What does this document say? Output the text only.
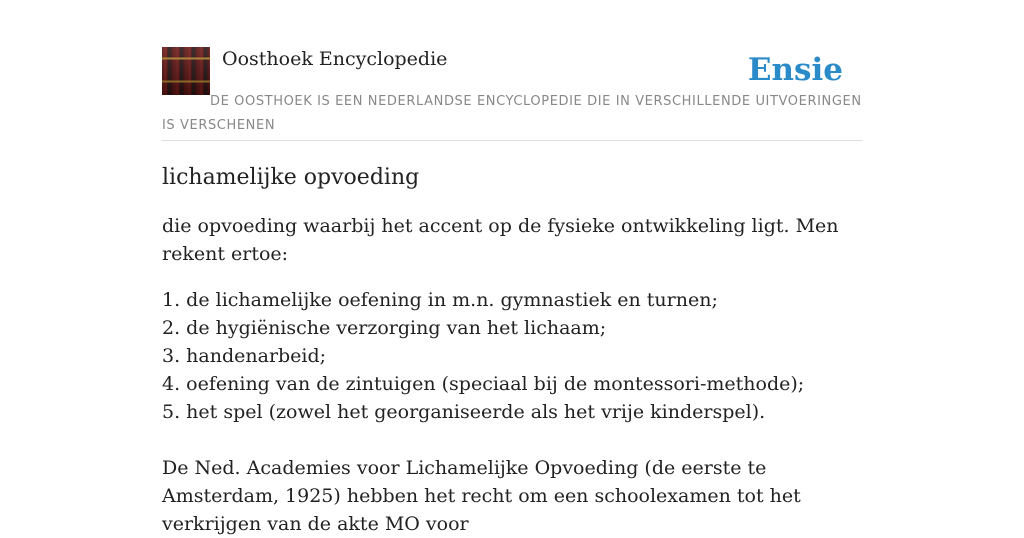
Oosthoek Encyclopedie	Ensie
DE OOSTHOEK IS EEN NEDERLANDSE ENCYCLOPEDIE DIE IN VERSCHILLENDE UITVOERINGEN IS VERSCHENEN
lichamelijke opvoeding

die opvoeding waarbij het accent op de fysieke ontwikkeling ligt. Men rekent ertoe:

1. de lichamelijke oefening in m.n. gymnastiek en turnen;
2. de hygiënische verzorging van het lichaam;
3. handenarbeid;
4. oefening van de zintuigen (speciaal bij de montessori-methode);
5. het spel (zowel het georganiseerde als het vrije kinderspel).

De Ned. Academies voor Lichamelijke Opvoeding (de eerste te Amsterdam, 1925) hebben het recht om een schoolexamen tot het verkrijgen van de akte MO voor
